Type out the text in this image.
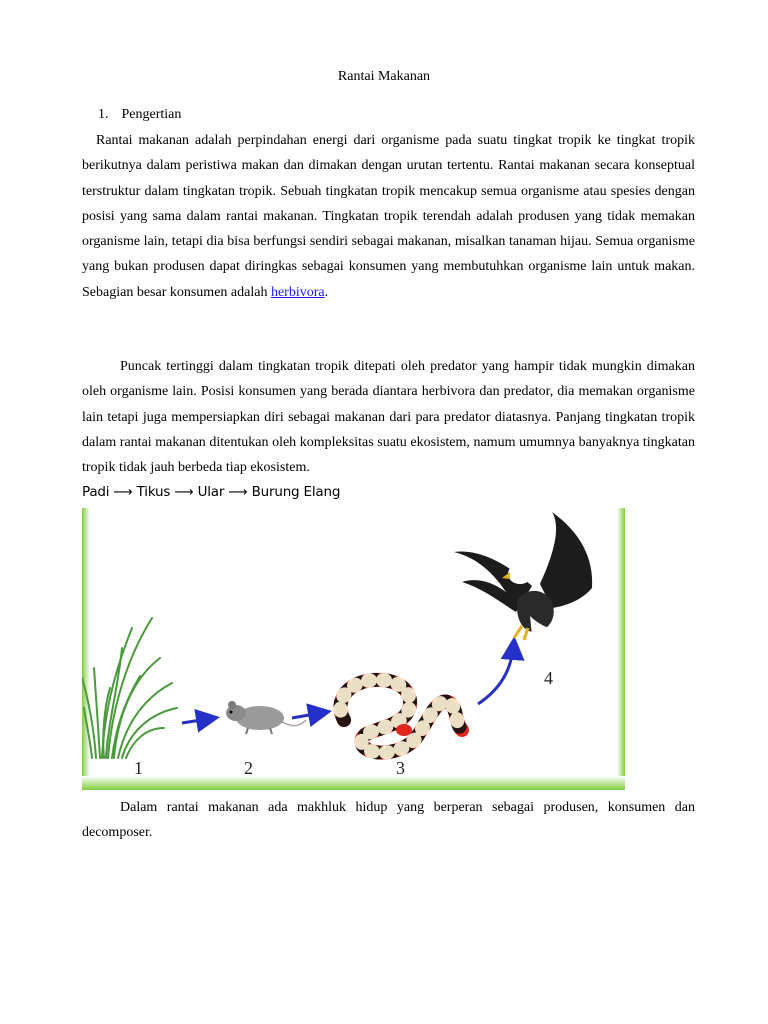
Rantai Makanan
1. Pengertian

Rantai makanan adalah perpindahan energi dari organisme pada suatu tingkat tropik ke tingkat tropik berikutnya dalam peristiwa makan dan dimakan dengan urutan tertentu. Rantai makanan secara konseptual terstruktur dalam tingkatan tropik. Sebuah tingkatan tropik mencakup semua organisme atau spesies dengan posisi yang sama dalam rantai makanan. Tingkatan tropik terendah adalah produsen yang tidak memakan organisme lain, tetapi dia bisa berfungsi sendiri sebagai makanan, misalkan tanaman hijau. Semua organisme yang bukan produsen dapat diringkas sebagai konsumen yang membutuhkan organisme lain untuk makan. Sebagian besar konsumen adalah herbivora.

Puncak tertinggi dalam tingkatan tropik ditepati oleh predator yang hampir tidak mungkin dimakan oleh organisme lain. Posisi konsumen yang berada diantara herbivora dan predator, dia memakan organisme lain tetapi juga mempersiapkan diri sebagai makanan dari para predator diatasnya. Panjang tingkatan tropik dalam rantai makanan ditentukan oleh kompleksitas suatu ekosistem, namum umumnya banyaknya tingkatan tropik tidak jauh berbeda tiap ekosistem.

Padi ⟶ Tikus ⟶ Ular ⟶ Burung Elang
1	2	3
4

Dalam rantai makanan ada makhluk hidup yang berperan sebagai produsen, konsumen dan decomposer.
